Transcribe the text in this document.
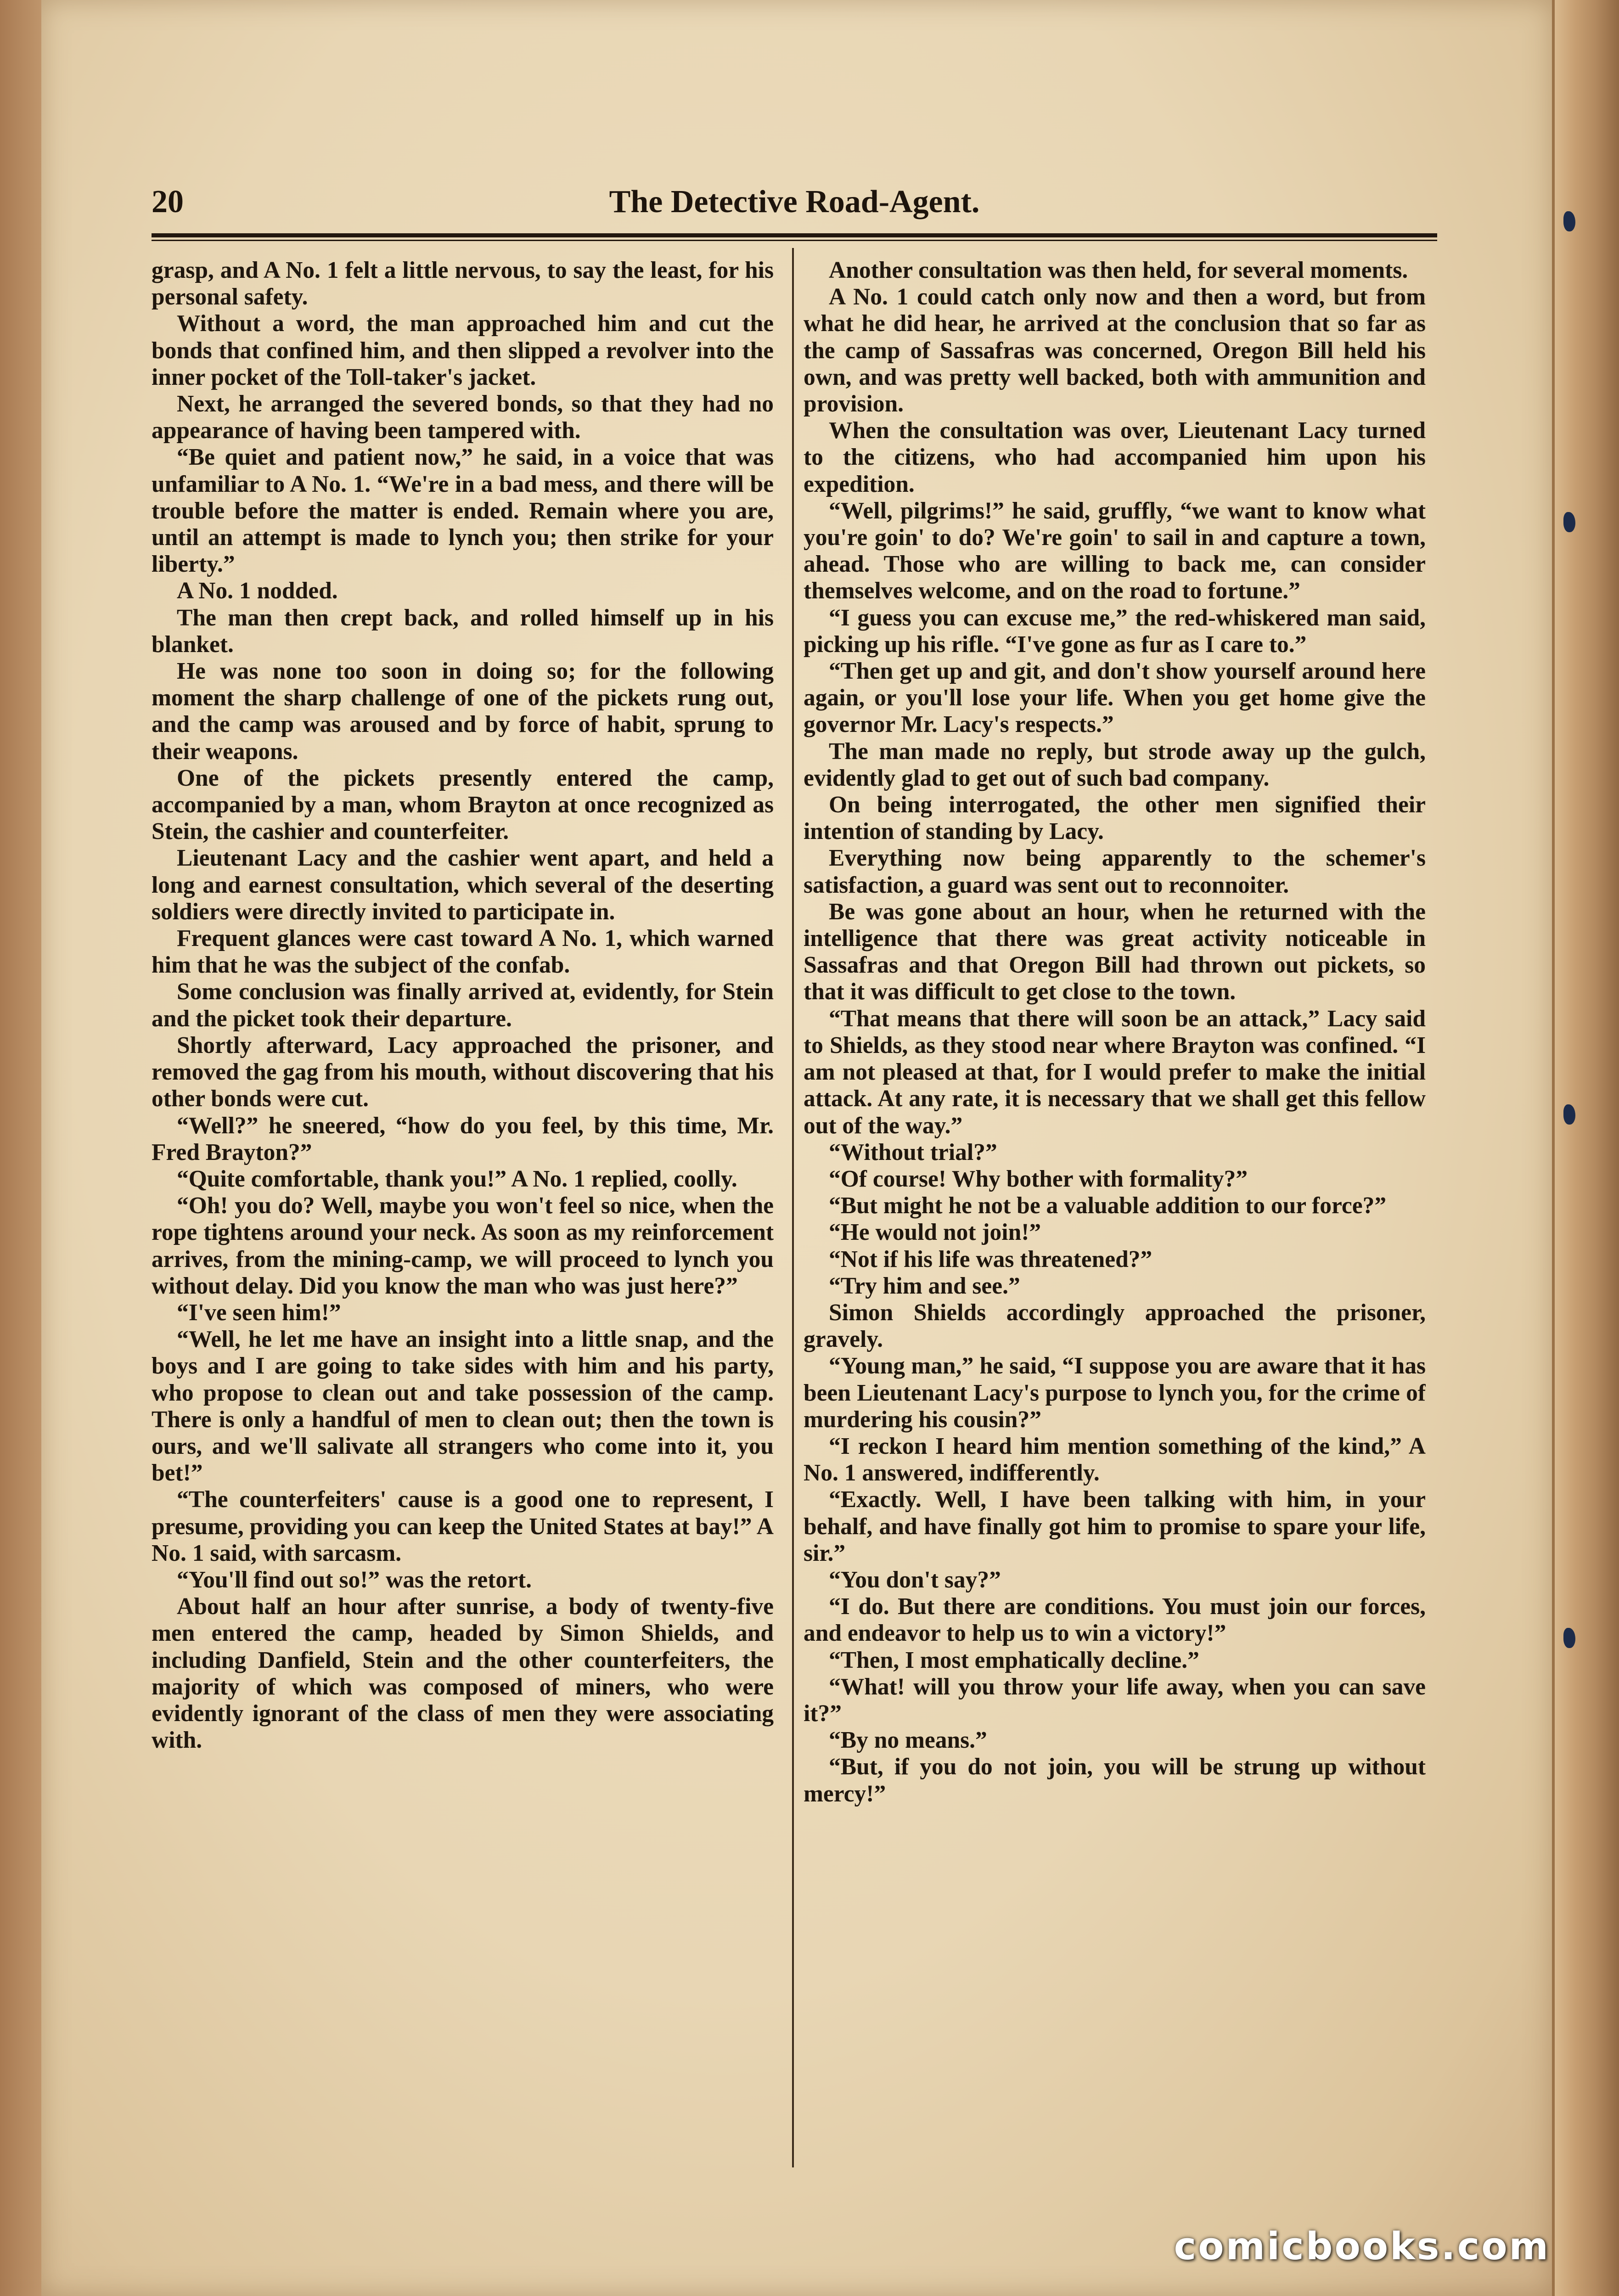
20	The Detective Road-Agent.

grasp, and A No. 1 felt a little nervous, to say the least, for his personal safety.

Without a word, the man approached him and cut the bonds that confined him, and then slipped a revolver into the inner pocket of the Toll-taker's jacket.

Next, he arranged the severed bonds, so that they had no appearance of having been tampered with.

“Be quiet and patient now,” he said, in a voice that was unfamiliar to A No. 1. “We're in a bad mess, and there will be trouble before the matter is ended. Remain where you are, until an attempt is made to lynch you; then strike for your liberty.”

A No. 1 nodded.

The man then crept back, and rolled himself up in his blanket.

He was none too soon in doing so; for the following moment the sharp challenge of one of the pickets rung out, and the camp was aroused and by force of habit, sprung to their weapons.

One of the pickets presently entered the camp, accompanied by a man, whom Brayton at once recognized as Stein, the cashier and counterfeiter.

Lieutenant Lacy and the cashier went apart, and held a long and earnest consultation, which several of the deserting soldiers were directly invited to participate in.

Frequent glances were cast toward A No. 1, which warned him that he was the subject of the confab.

Some conclusion was finally arrived at, evidently, for Stein and the picket took their departure.

Shortly afterward, Lacy approached the prisoner, and removed the gag from his mouth, without discovering that his other bonds were cut.

“Well?” he sneered, “how do you feel, by this time, Mr. Fred Brayton?”

“Quite comfortable, thank you!” A No. 1 replied, coolly.

“Oh! you do? Well, maybe you won't feel so nice, when the rope tightens around your neck. As soon as my reinforcement arrives, from the mining-camp, we will proceed to lynch you without delay. Did you know the man who was just here?”

“I've seen him!”

“Well, he let me have an insight into a little snap, and the boys and I are going to take sides with him and his party, who propose to clean out and take possession of the camp. There is only a handful of men to clean out; then the town is ours, and we'll salivate all strangers who come into it, you bet!”

“The counterfeiters' cause is a good one to represent, I presume, providing you can keep the United States at bay!” A No. 1 said, with sarcasm.

“You'll find out so!” was the retort.

About half an hour after sunrise, a body of twenty-five men entered the camp, headed by Simon Shields, and including Danfield, Stein and the other counterfeiters, the majority of which was composed of miners, who were evidently ignorant of the class of men they were associating with.

Another consultation was then held, for several moments.

A No. 1 could catch only now and then a word, but from what he did hear, he arrived at the conclusion that so far as the camp of Sassafras was concerned, Oregon Bill held his own, and was pretty well backed, both with ammunition and provision.

When the consultation was over, Lieutenant Lacy turned to the citizens, who had accompanied him upon his expedition.

“Well, pilgrims!” he said, gruffly, “we want to know what you're goin' to do? We're goin' to sail in and capture a town, ahead. Those who are willing to back me, can consider themselves welcome, and on the road to fortune.”

“I guess you can excuse me,” the red-whiskered man said, picking up his rifle. “I've gone as fur as I care to.”

“Then get up and git, and don't show yourself around here again, or you'll lose your life. When you get home give the governor Mr. Lacy's respects.”

The man made no reply, but strode away up the gulch, evidently glad to get out of such bad company.

On being interrogated, the other men signified their intention of standing by Lacy.

Everything now being apparently to the schemer's satisfaction, a guard was sent out to reconnoiter.

Be was gone about an hour, when he returned with the intelligence that there was great activity noticeable in Sassafras and that Oregon Bill had thrown out pickets, so that it was difficult to get close to the town.

“That means that there will soon be an attack,” Lacy said to Shields, as they stood near where Brayton was confined. “I am not pleased at that, for I would prefer to make the initial attack. At any rate, it is necessary that we shall get this fellow out of the way.”

“Without trial?”

“Of course! Why bother with formality?”

“But might he not be a valuable addition to our force?”

“He would not join!”

“Not if his life was threatened?”

“Try him and see.”

Simon Shields accordingly approached the prisoner, gravely.

“Young man,” he said, “I suppose you are aware that it has been Lieutenant Lacy's purpose to lynch you, for the crime of murdering his cousin?”

“I reckon I heard him mention something of the kind,” A No. 1 answered, indifferently.

“Exactly. Well, I have been talking with him, in your behalf, and have finally got him to promise to spare your life, sir.”

“You don't say?”

“I do. But there are conditions. You must join our forces, and endeavor to help us to win a victory!”

“Then, I most emphatically decline.”

“What! will you throw your life away, when you can save it?”

“By no means.”

“But, if you do not join, you will be strung up without mercy!”

comicbooks.com
